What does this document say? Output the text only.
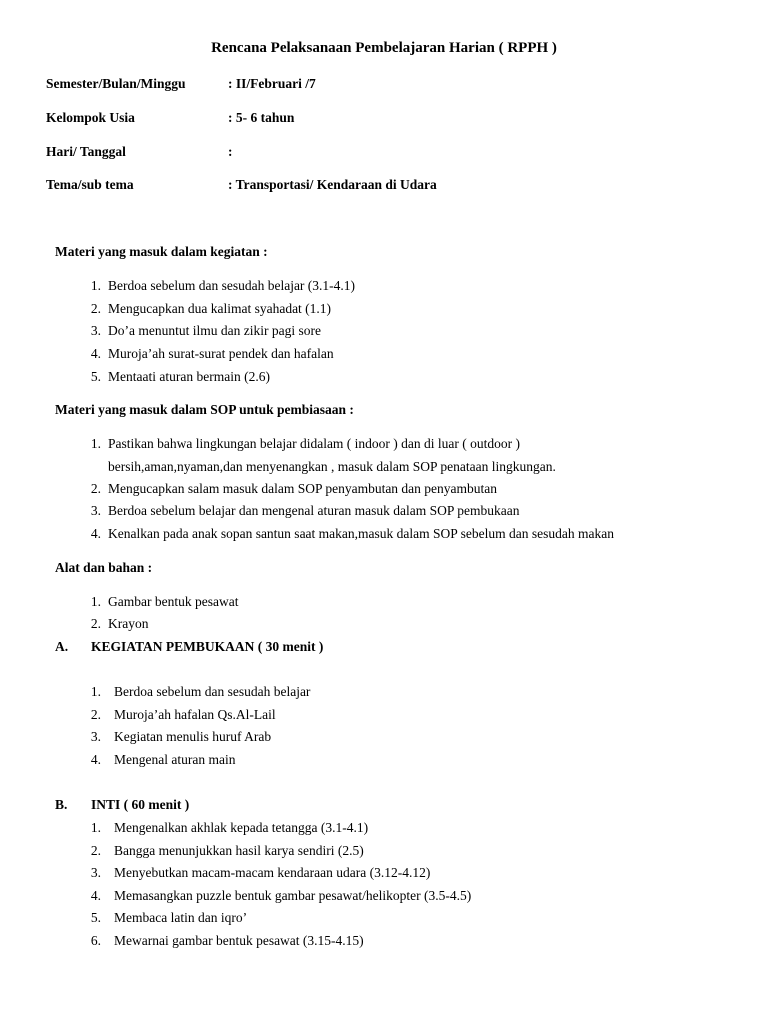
Rencana Pelaksanaan Pembelajaran Harian ( RPPH )
Semester/Bulan/Minggu	: II/Februari /7
Kelompok Usia	: 5- 6 tahun
Hari/ Tanggal	:
Tema/sub tema	: Transportasi/ Kendaraan di Udara
Materi yang masuk dalam kegiatan :
1. Berdoa sebelum dan sesudah belajar (3.1-4.1)
2. Mengucapkan dua kalimat syahadat (1.1)
3. Do’a menuntut ilmu dan zikir pagi sore
4. Muroja’ah surat-surat pendek dan hafalan
5. Mentaati aturan bermain (2.6)
Materi yang masuk dalam SOP untuk pembiasaan :
1. Pastikan bahwa lingkungan belajar didalam ( indoor ) dan di luar ( outdoor )
bersih,aman,nyaman,dan menyenangkan , masuk dalam SOP penataan lingkungan.
2. Mengucapkan salam masuk dalam SOP penyambutan dan penyambutan
3. Berdoa sebelum belajar dan mengenal aturan masuk dalam SOP pembukaan
4. Kenalkan pada anak sopan santun saat makan,masuk dalam SOP sebelum dan sesudah makan
Alat dan bahan :
1. Gambar bentuk pesawat
2. Krayon
A. KEGIATAN PEMBUKAAN ( 30 menit )
1. Berdoa sebelum dan sesudah belajar
2. Muroja’ah hafalan Qs.Al-Lail
3. Kegiatan menulis huruf Arab
4. Mengenal aturan main
B. INTI ( 60 menit )
1. Mengenalkan akhlak kepada tetangga (3.1-4.1)
2. Bangga menunjukkan hasil karya sendiri (2.5)
3. Menyebutkan macam-macam kendaraan udara (3.12-4.12)
4. Memasangkan puzzle bentuk gambar pesawat/helikopter (3.5-4.5)
5. Membaca latin dan iqro’
6. Mewarnai gambar bentuk pesawat (3.15-4.15)
